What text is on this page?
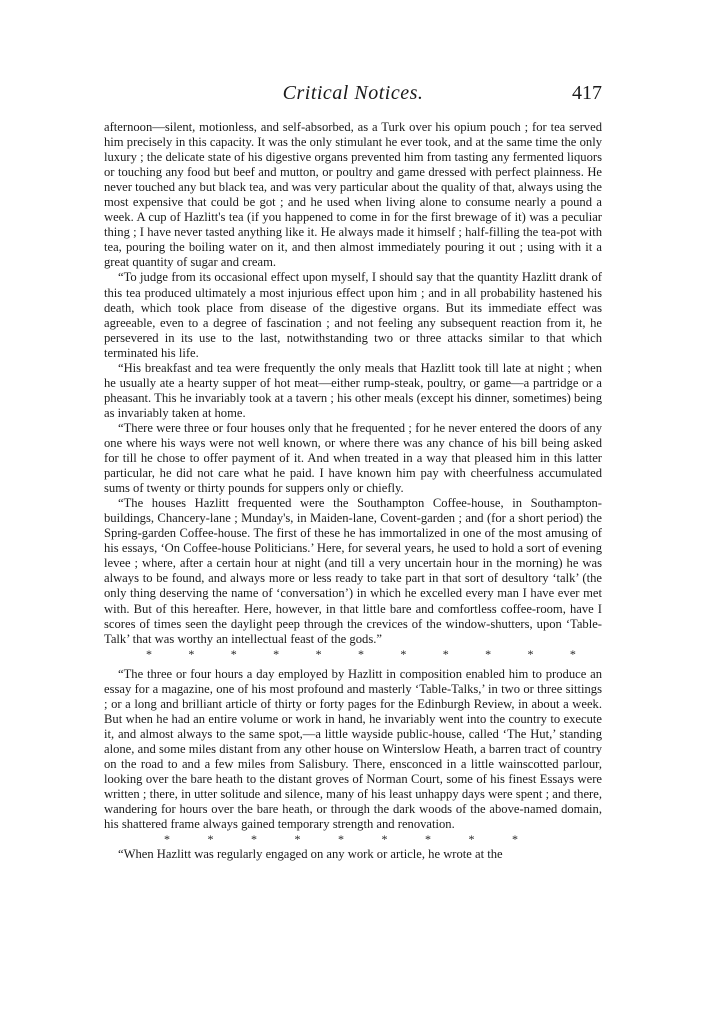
Critical Notices.	417

afternoon—silent, motionless, and self-absorbed, as a Turk over his opium pouch ; for tea served him precisely in this capacity. It was the only stimulant he ever took, and at the same time the only luxury ; the delicate state of his digestive organs prevented him from tasting any fermented liquors or touching any food but beef and mutton, or poultry and game dressed with perfect plainness. He never touched any but black tea, and was very particular about the quality of that, always using the most expensive that could be got ; and he used when living alone to consume nearly a pound a week. A cup of Hazlitt's tea (if you happened to come in for the first brewage of it) was a peculiar thing ; I have never tasted anything like it. He always made it himself ; half-filling the tea-pot with tea, pouring the boiling water on it, and then almost immediately pouring it out ; using with it a great quantity of sugar and cream.

“To judge from its occasional effect upon myself, I should say that the quantity Hazlitt drank of this tea produced ultimately a most injurious effect upon him ; and in all probability hastened his death, which took place from disease of the digestive organs. But its immediate effect was agreeable, even to a degree of fascination ; and not feeling any subsequent reaction from it, he persevered in its use to the last, notwithstanding two or three attacks similar to that which terminated his life.

“His breakfast and tea were frequently the only meals that Hazlitt took till late at night ; when he usually ate a hearty supper of hot meat—either rump-steak, poultry, or game—a partridge or a pheasant. This he invariably took at a tavern ; his other meals (except his dinner, sometimes) being as invariably taken at home.

“There were three or four houses only that he frequented ; for he never entered the doors of any one where his ways were not well known, or where there was any chance of his bill being asked for till he chose to offer payment of it. And when treated in a way that pleased him in this latter particular, he did not care what he paid. I have known him pay with cheerfulness accumulated sums of twenty or thirty pounds for suppers only or chiefly.

“The houses Hazlitt frequented were the Southampton Coffee-house, in Southampton-buildings, Chancery-lane ; Munday's, in Maiden-lane, Covent-garden ; and (for a short period) the Spring-garden Coffee-house. The first of these he has immortalized in one of the most amusing of his essays, ‘On Coffee-house Politicians.’ Here, for several years, he used to hold a sort of evening levee ; where, after a certain hour at night (and till a very uncertain hour in the morning) he was always to be found, and always more or less ready to take part in that sort of desultory ‘talk’ (the only thing deserving the name of ‘conversation’) in which he excelled every man I have ever met with. But of this hereafter. Here, however, in that little bare and comfortless coffee-room, have I scores of times seen the daylight peep through the crevices of the window-shutters, upon ‘Table-Talk’ that was worthy an intellectual feast of the gods.”

*	*	*	*	*	*	*	*	*	*	*

“The three or four hours a day employed by Hazlitt in composition enabled him to produce an essay for a magazine, one of his most profound and masterly ‘Table-Talks,’ in two or three sittings ; or a long and brilliant article of thirty or forty pages for the Edinburgh Review, in about a week. But when he had an entire volume or work in hand, he invariably went into the country to execute it, and almost always to the same spot,—a little wayside public-house, called ‘The Hut,’ standing alone, and some miles distant from any other house on Winterslow Heath, a barren tract of country on the road to and a few miles from Salisbury. There, ensconced in a little wainscotted parlour, looking over the bare heath to the distant groves of Norman Court, some of his finest Essays were written ; there, in utter solitude and silence, many of his least unhappy days were spent ; and there, wandering for hours over the bare heath, or through the dark woods of the above-named domain, his shattered frame always gained temporary strength and renovation.

*	*	*	*	*	*	*	*	*

“When Hazlitt was regularly engaged on any work or article, he wrote at the
